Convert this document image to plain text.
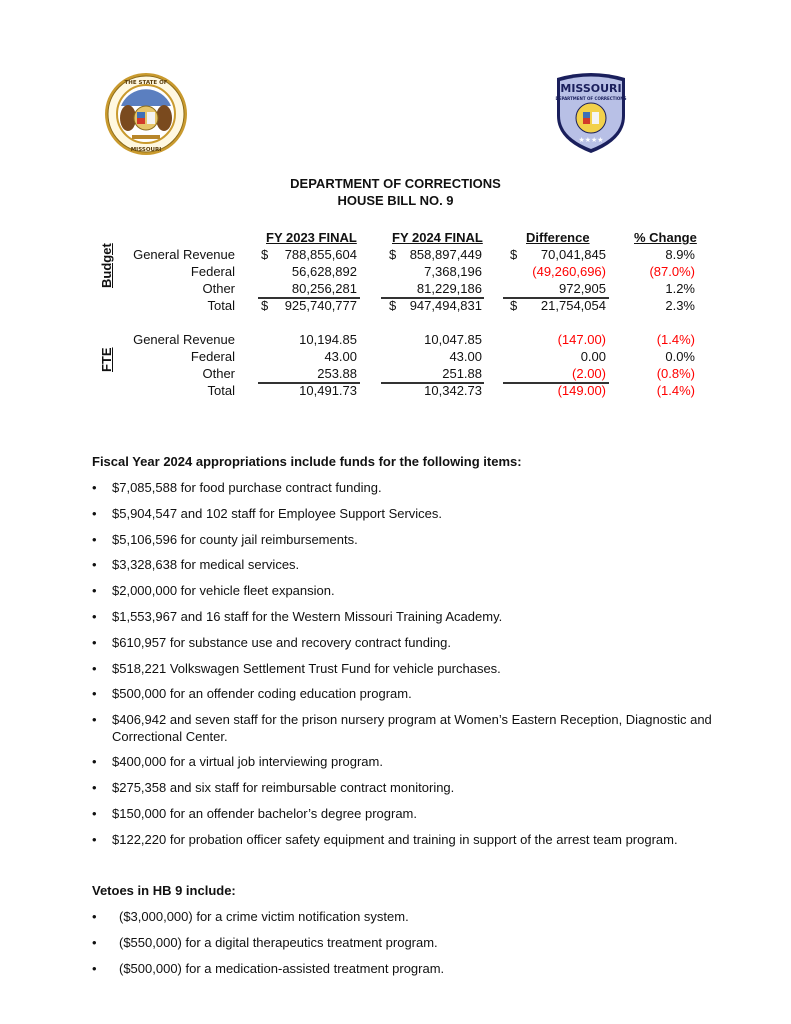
THE STATE OF
MISSOURI
MISSOURI
DEPARTMENT OF CORRECTIONS
★★★★
DEPARTMENT OF CORRECTIONS
HOUSE BILL NO. 9
FY 2023 FINAL	FY 2024 FINAL	Difference	% Change
Budget
FTE
General Revenue $ 788,855,604 $ 858,897,449 $ 70,041,845	8.9%
Federal	56,628,892	7,368,196	(49,260,696)	(87.0%)
Other	80,256,281	81,229,186	972,905	1.2%
Total $ 925,740,777 $ 947,494,831 $ 21,754,054	2.3%
General Revenue	10,194.85	10,047.85	(147.00)	(1.4%)
Federal	43.00	43.00	0.00	0.0%
Other	253.88	251.88	(2.00)	(0.8%)
Total	10,491.73	10,342.73	(149.00)	(1.4%)
Fiscal Year 2024 appropriations include funds for the following items:
• $7,085,588 for food purchase contract funding.
• $5,904,547 and 102 staff for Employee Support Services.
• $5,106,596 for county jail reimbursements.
• $3,328,638 for medical services.
• $2,000,000 for vehicle fleet expansion.
• $1,553,967 and 16 staff for the Western Missouri Training Academy.
• $610,957 for substance use and recovery contract funding.
• $518,221 Volkswagen Settlement Trust Fund for vehicle purchases.
• $500,000 for an offender coding education program.
• $406,942 and seven staff for the prison nursery program at Women’s Eastern Reception, Diagnostic and Correctional Center.
• $400,000 for a virtual job interviewing program.
• $275,358 and six staff for reimbursable contract monitoring.
• $150,000 for an offender bachelor’s degree program.
• $122,220 for probation officer safety equipment and training in support of the arrest team program.
Vetoes in HB 9 include:
• ($3,000,000) for a crime victim notification system.
• ($550,000) for a digital therapeutics treatment program.
• ($500,000) for a medication-assisted treatment program.
